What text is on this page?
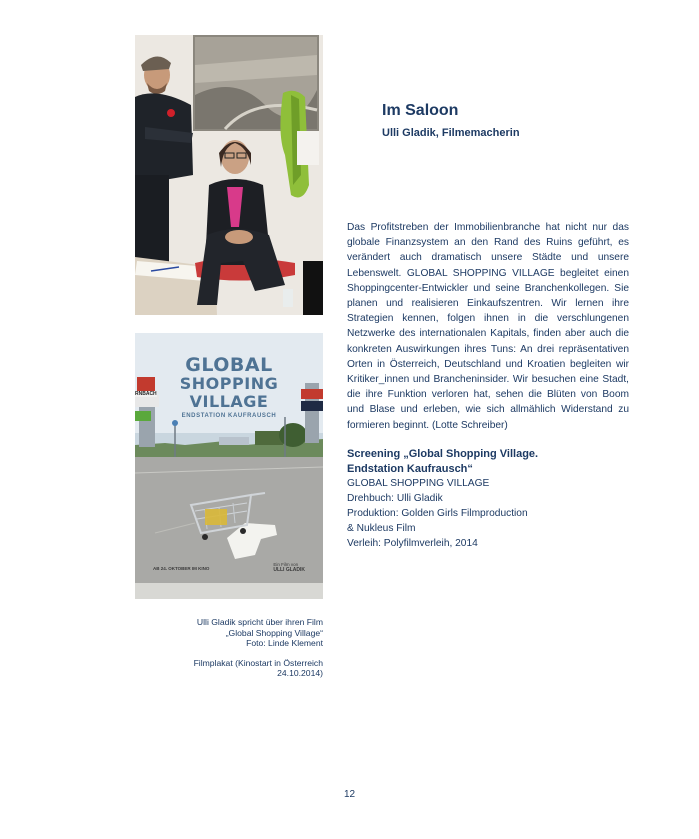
GLOBAL
SHOPPING
VILLAGE
ENDSTATION KAUFRAUSCH
RNBACH
AB 24. OKTOBER IM KINO
Ein Film von
ULLI GLADIK

Ulli Gladik spricht über ihren Film
„Global Shopping Village“
Foto: Linde Klement

Filmplakat (Kinostart in Österreich
24.10.2014)

Im Saloon
Ulli Gladik, Filmemacherin

Das Profitstreben der Immobilienbranche hat nicht nur das globale Finanzsystem an den Rand des Ruins geführt, es verändert auch dramatisch unsere Städte und unsere Lebenswelt. GLOBAL SHOPPING VILLAGE begleitet einen Shoppingcenter-Entwickler und seine Branchenkollegen. Sie planen und realisieren Einkaufszentren. Wir lernen ihre Strategien kennen, folgen ihnen in die verschlungenen Netzwerke des internationalen Kapitals, finden aber auch die konkreten Auswirkungen ihres Tuns: An drei repräsentativen Orten in Österreich, Deutschland und Kroatien begleiten wir Kritiker_innen und Brancheninsider. Wir besuchen eine Stadt, die ihre Funktion verloren hat, sehen die Blüten von Boom und Blase und erleben, wie sich allmählich Widerstand zu formieren beginnt. (Lotte Schreiber)

Screening „Global Shopping Village.

Endstation Kaufrausch“

GLOBAL SHOPPING VILLAGE

Drehbuch: Ulli Gladik

Produktion: Golden Girls Filmproduction

& Nukleus Film

Verleih: Polyfilmverleih, 2014

12
